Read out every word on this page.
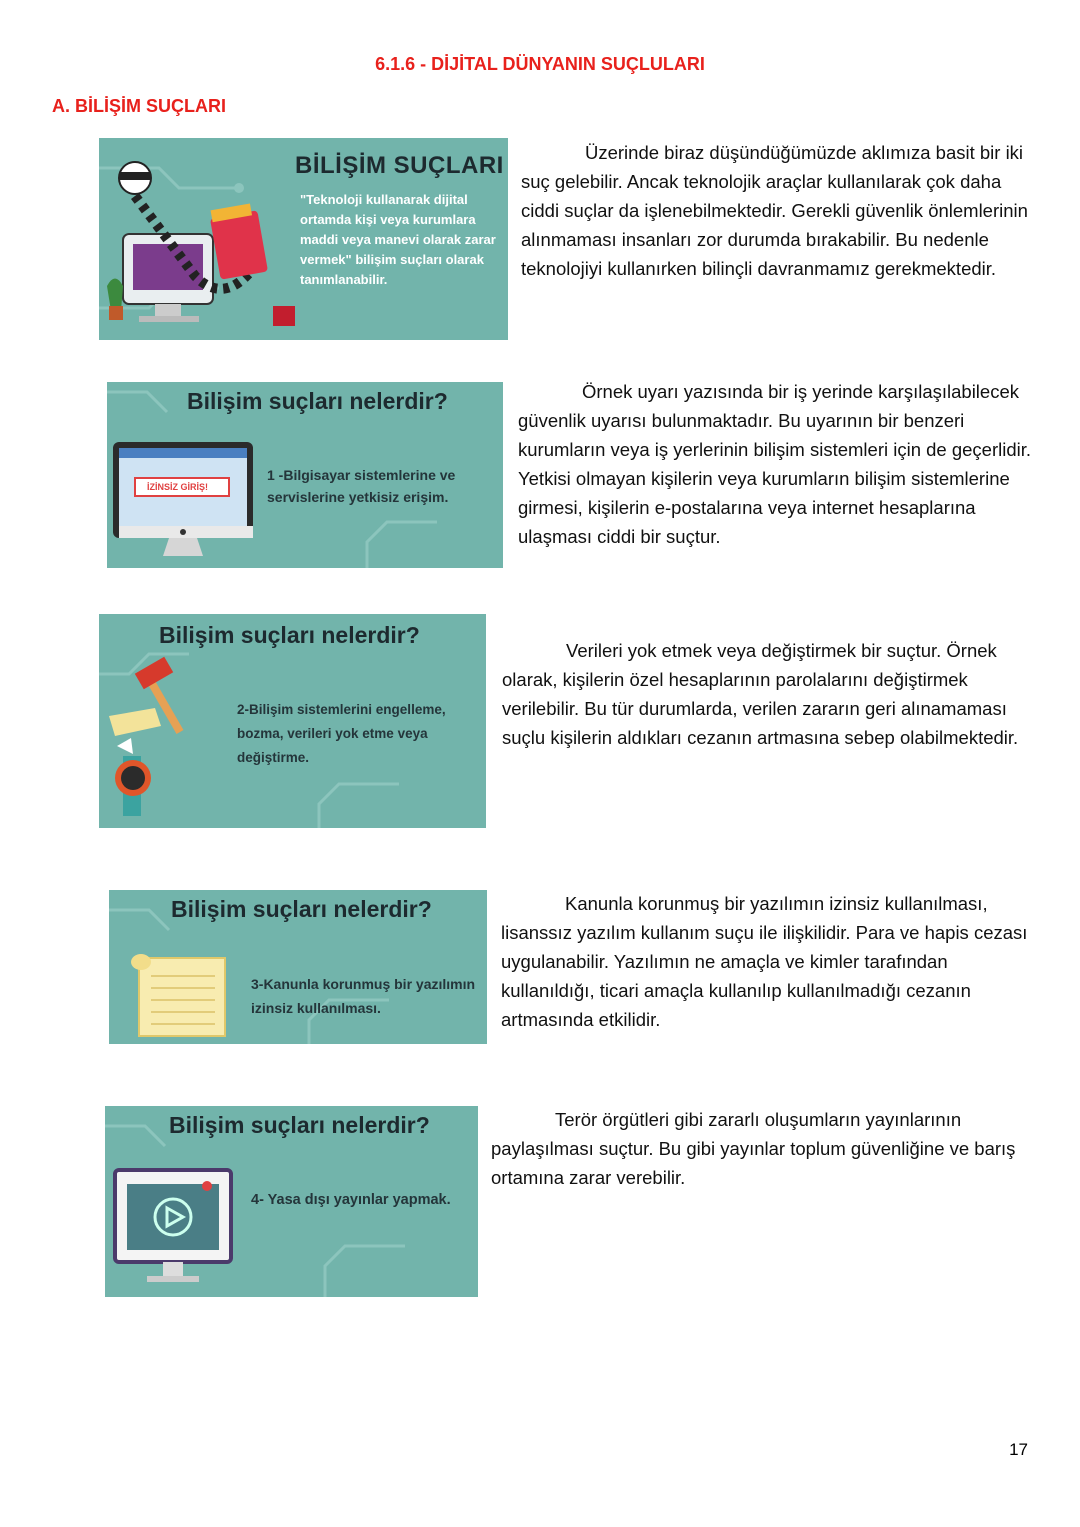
6.1.6 - DİJİTAL DÜNYANIN SUÇLULARI
A. BİLİŞİM SUÇLARI
BİLİŞİM SUÇLARI
"Teknoloji kullanarak dijital ortamda kişi veya kurumlara maddi veya manevi olarak zarar vermek" bilişim suçları olarak tanımlanabilir.

Üzerinde biraz düşündüğümüzde aklımıza basit bir iki suç gelebilir. Ancak teknolojik araçlar kullanılarak çok daha ciddi suçlar da işlenebilmektedir. Gerekli güvenlik önlemlerinin alınmaması insanları zor durumda bırakabilir. Bu nedenle teknolojiyi kullanırken bilinçli davranmamız gerekmektedir.

Bilişim suçları nelerdir?
İZİNSİZ GİRİŞ!
1 -Bilgisayar sistemlerine ve servislerine yetkisiz erişim.

Örnek uyarı yazısında bir iş yerinde karşılaşılabilecek güvenlik uyarısı bulunmaktadır. Bu uyarının bir benzeri kurumların veya iş yerlerinin bilişim sistemleri için de geçerlidir. Yetkisi olmayan kişilerin veya kurumların bilişim sistemlerine girmesi, kişilerin e-postalarına veya internet hesaplarına ulaşması ciddi bir suçtur.

Bilişim suçları nelerdir?
2-Bilişim sistemlerini engelleme, bozma, verileri yok etme veya değiştirme.

Verileri yok etmek veya değiştirmek bir suçtur. Örnek olarak, kişilerin özel hesaplarının parolalarını değiştirmek verilebilir. Bu tür durumlarda, verilen zararın geri alınamaması suçlu kişilerin aldıkları cezanın artmasına sebep olabilmektedir.

Bilişim suçları nelerdir?
3-Kanunla korunmuş bir yazılımın izinsiz kullanılması.

Kanunla korunmuş bir yazılımın izinsiz kullanılması, lisanssız yazılım kullanım suçu ile ilişkilidir. Para ve hapis cezası uygulanabilir. Yazılımın ne amaçla ve kimler tarafından kullanıldığı, ticari amaçla kullanılıp kullanılmadığı cezanın artmasında etkilidir.

Bilişim suçları nelerdir?
4- Yasa dışı yayınlar yapmak.

Terör örgütleri gibi zararlı oluşumların yayınlarının paylaşılması suçtur. Bu gibi yayınlar toplum güvenliğine ve barış ortamına zarar verebilir.

17
